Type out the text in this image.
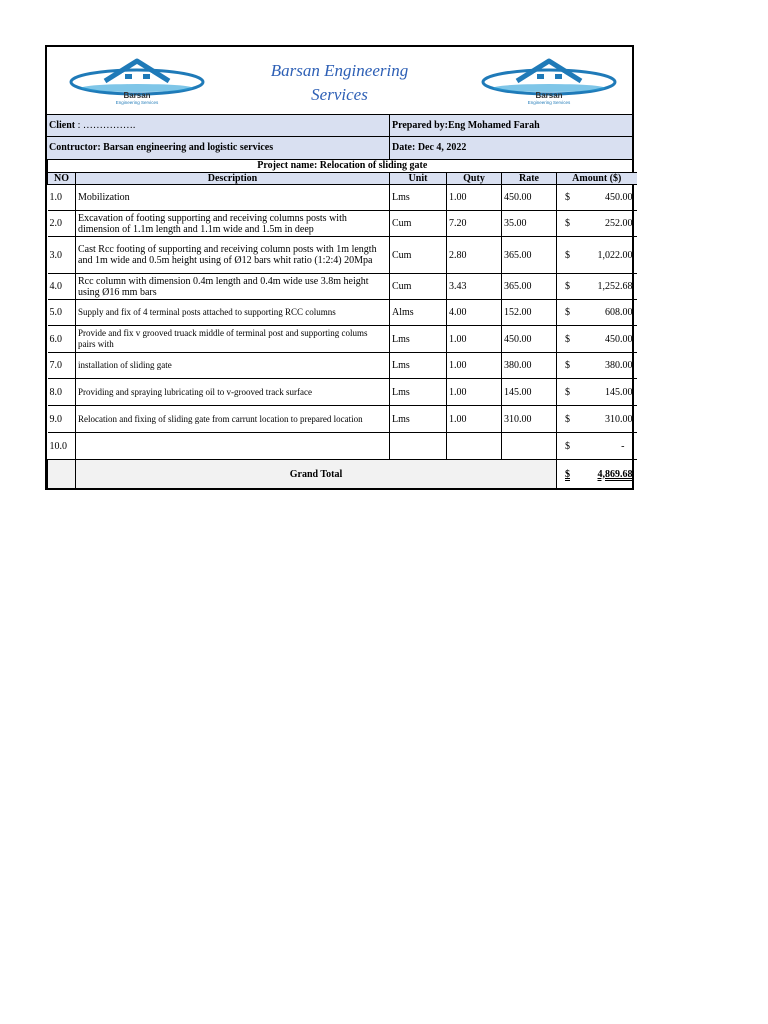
Barsan
Engineering Services
Barsan Engineering
Services	Barsan
Engineering Services
Client : …………….	Prepared by:Eng Mohamed Farah
Contructor: Barsan engineering and logistic services	Date: Dec 4, 2022
Project name: Relocation of sliding gate					
NO	Description	Unit	Quty	Rate	Amount ($)
1.0	Mobilization	Lms	1.00	450.00	$ 450.00

2.0	Excavation of footing supporting and receiving columns posts with dimension of 1.1m length and 1.1m wide and 1.5m in deep	Cum	7.20	35.00	$ 252.00

3.0	Cast Rcc footing of supporting and receiving column posts with 1m length and 1m wide and 0.5m height using of Ø12 bars whit ratio (1:2:4) 20Mpa	Cum	2.80	365.00	$ 1,022.00

4.0	Rcc column with dimension 0.4m length and 0.4m wide use 3.8m height using Ø16 mm bars	Cum	3.43	365.00	$ 1,252.68

5.0	Supply and fix of 4 terminal posts attached to supporting RCC columns	Alms	4.00	152.00	$ 608.00

6.0	Provide and fix v grooved truack middle of terminal post and supporting colums pairs with	Lms	1.00	450.00	$ 450.00

7.0	installation of sliding gate	Lms	1.00	380.00	$ 380.00

8.0	Providing and spraying lubricating oil to v-grooved track surface	Lms	1.00	145.00	$ 145.00

9.0	Relocation and fixing of sliding gate from carrunt location to prepared location	Lms	1.00	310.00	$ 310.00

10.0					$ -

	Grand Total				$ 4,869.68
